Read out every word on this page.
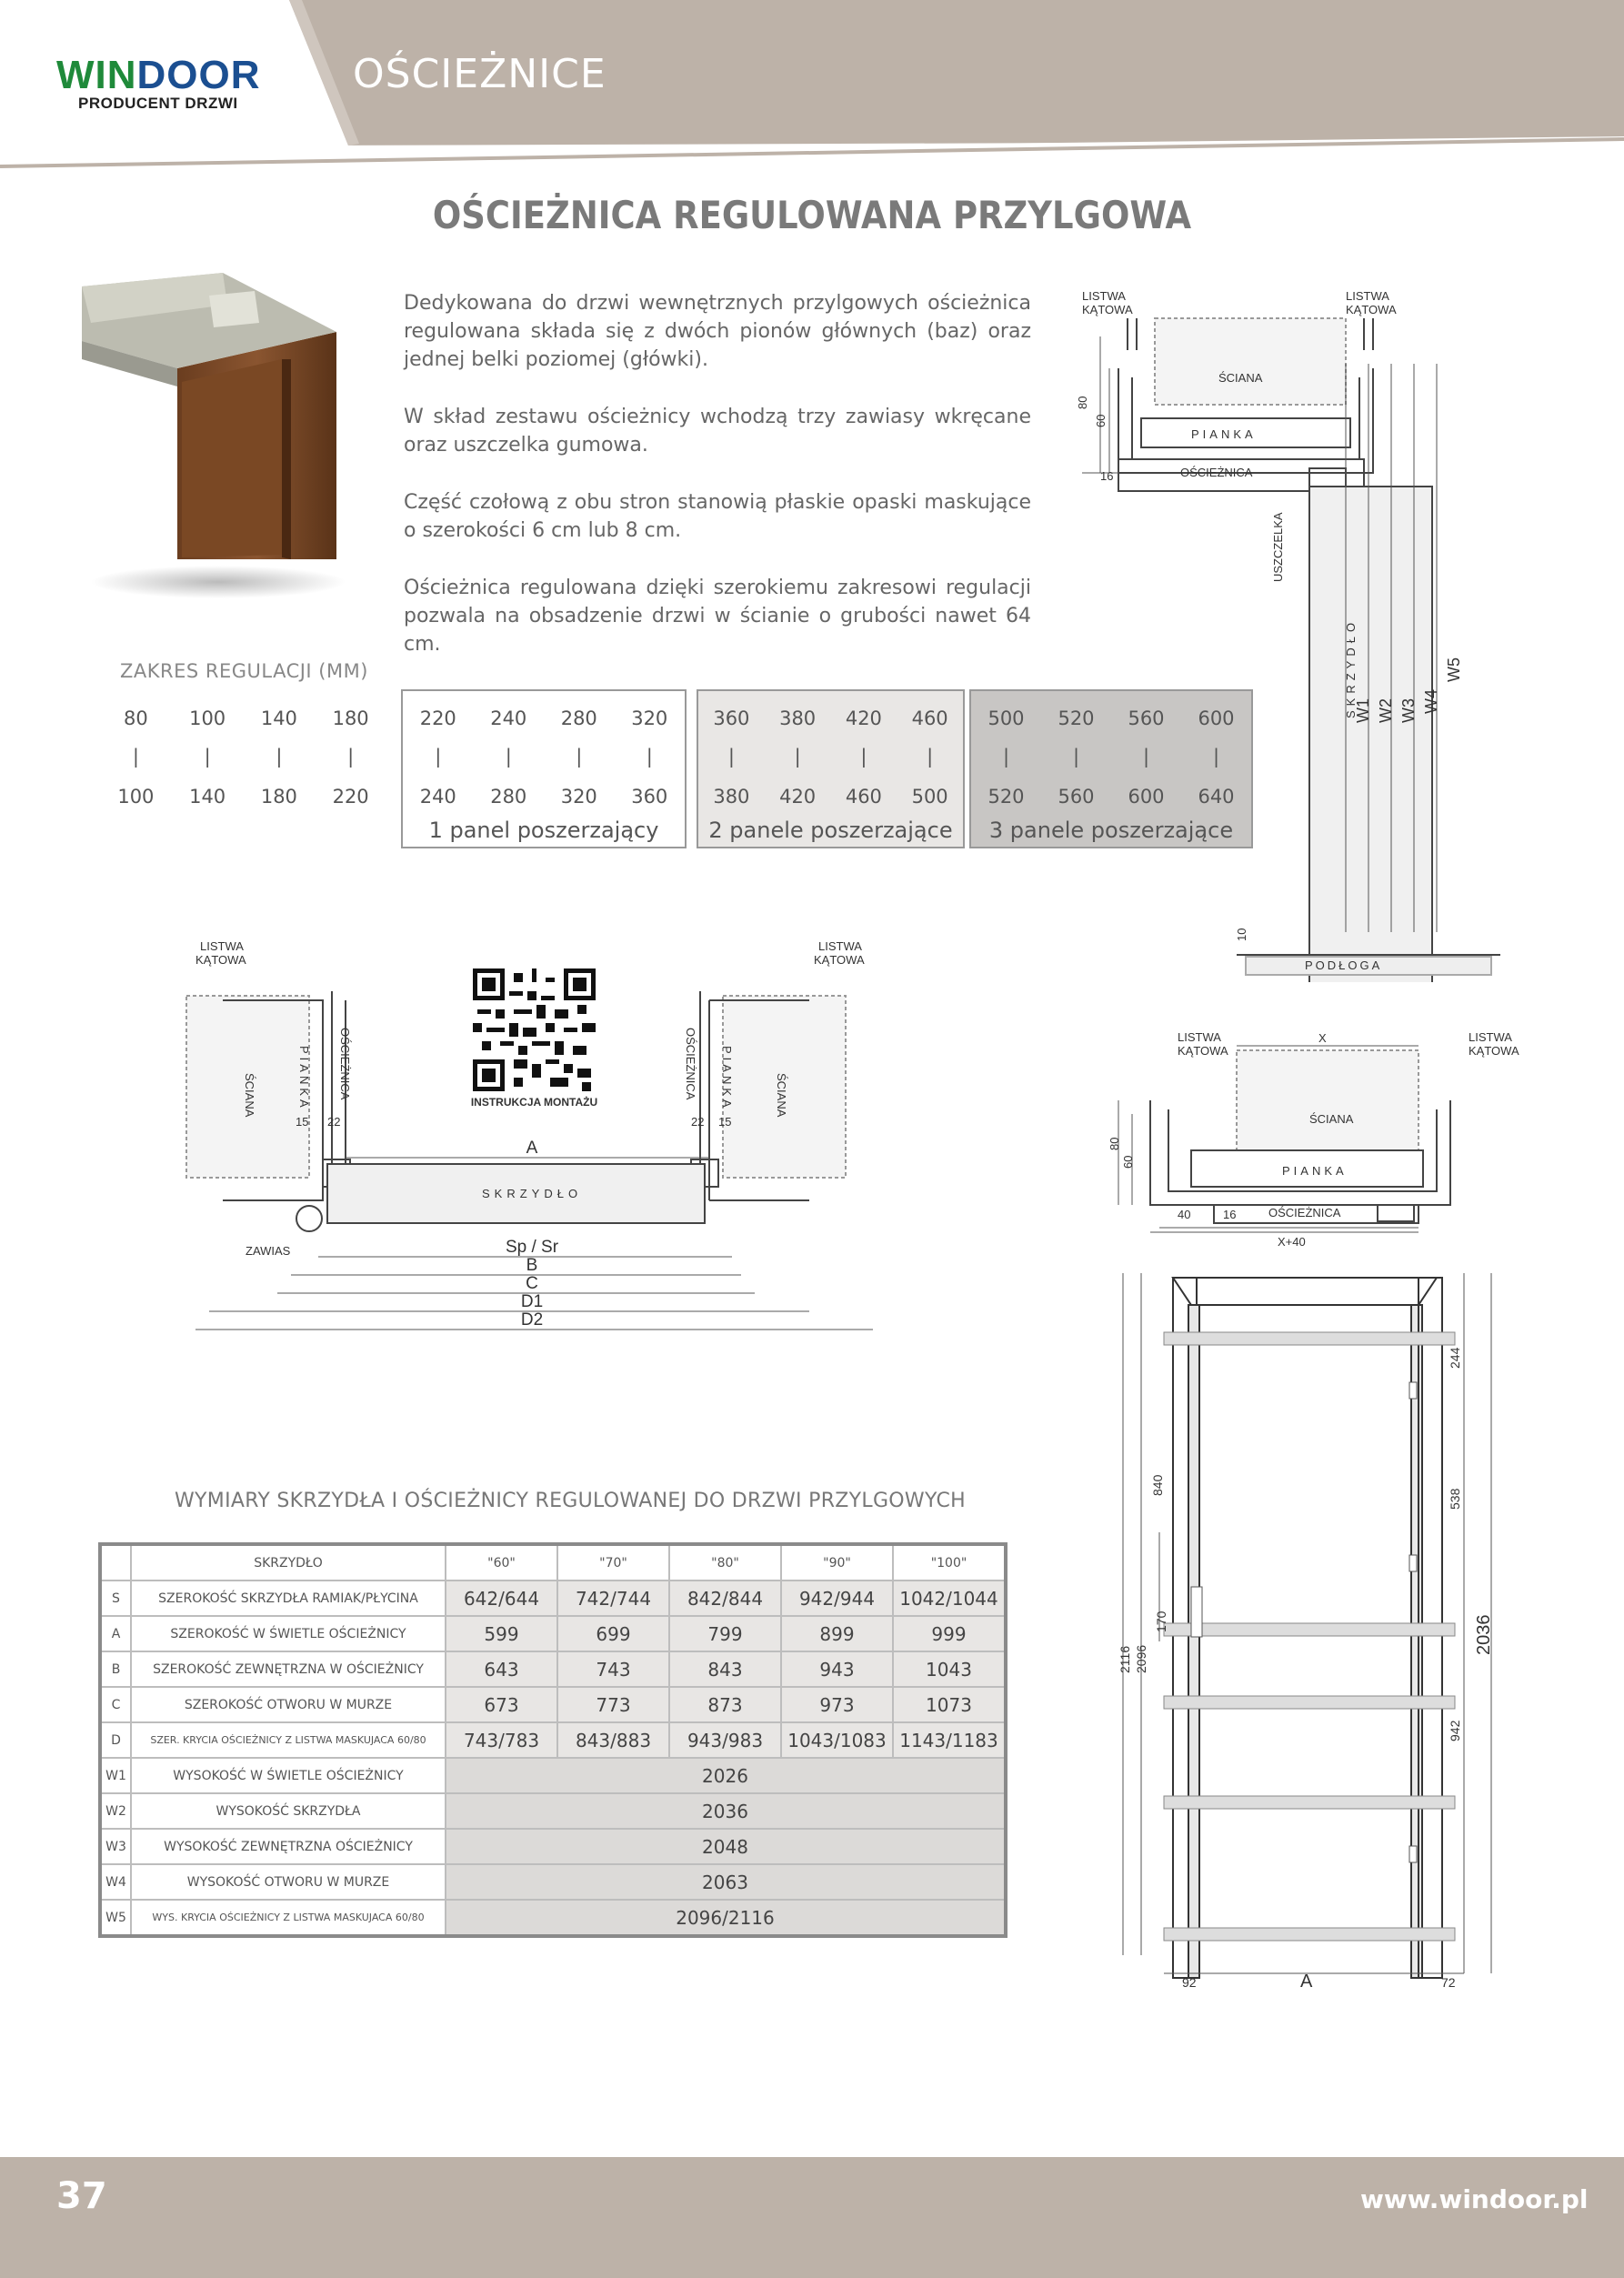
WINDOOR
PRODUCENT DRZWI
OŚCIEŻNICE
OŚCIEŻNICA REGULOWANA PRZYLGOWA

Dedykowana do drzwi wewnętrznych przylgowych ościeżnica regulowana składa się z dwóch pionów głównych (baz) oraz jednej belki poziomej (główki).

W skład zestawu ościeżnicy wchodzą trzy zawiasy wkręcane oraz uszczelka gumowa.

Część czołową z obu stron stanowią płaskie opaski maskujące o szerokości 6 cm lub 8 cm.

Ościeżnica regulowana dzięki szerokiemu zakresowi regulacji pozwala na obsadzenie drzwi w ścianie o grubości nawet 64 cm.

ZAKRES REGULACJI (MM)
80	100	140	180
|	|	|	|
100	140	180	220
220	240	280	320
|	|	|	|
240	280	320	360
1 panel poszerzający
360	380	420	460
|	|	|	|
380	420	460	500
2 panele poszerzające
500	520	560	600
|	|	|	|
520	560	600	640
3 panele poszerzające
LISTWA
KĄTOWA
LISTWA
KĄTOWA
ŚCIANA
PIANKA
OŚCIEŻNICA
16
80
60
USZCZELKA
SKRZYDŁO
PODŁOGA
10
W1 W2 W3 W4
W5
LISTWA
KĄTOWA
LISTWA
KĄTOWA
ŚCIANA	PIANKA OŚCIEŻNICA	ŚCIANA
PIANKA
OŚCIEŻNICA
SKRZYDŁO
ZAWIAS
15 22	22 15
A
Sp / Sr
B
C
D1
D2
INSTRUKCJA MONTAŻU
LISTWA
KĄTOWA
LISTWA
KĄTOWA
ŚCIANA
PIANKA
OŚCIEŻNICA
40	16
80
60
X
X+40
2116 2096
170
840
244
538
942
92	72
2036
A
WYMIARY SKRZYDŁA I OŚCIEŻNICY REGULOWANEJ DO DRZWI PRZYLGOWYCH
	SKRZYDŁO	"60"	"70"	"80"	"90"	"100"
S	SZEROKOŚĆ SKRZYDŁA RAMIAK/PŁYCINA	642/644	742/744	842/844	942/944	1042/1044
A	SZEROKOŚĆ W ŚWIETLE OŚCIEŻNICY	599	699	799	899	999
B	SZEROKOŚĆ ZEWNĘTRZNA W OŚCIEŻNICY	643	743	843	943	1043
C	SZEROKOŚĆ OTWORU W MURZE	673	773	873	973	1073
D	SZER. KRYCIA OŚCIEŻNICY Z LISTWA MASKUJACA 60/80	743/783	843/883	943/983	1043/1083	1143/1183
W1	WYSOKOŚĆ W ŚWIETLE OŚCIEŻNICY	2026				
W2	WYSOKOŚĆ SKRZYDŁA	2036				
W3	WYSOKOŚĆ ZEWNĘTRZNA OŚCIEŻNICY	2048				
W4	WYSOKOŚĆ OTWORU W MURZE	2063				
W5	WYS. KRYCIA OŚCIEŻNICY Z LISTWA MASKUJACA 60/80	2096/2116				
37	www.windoor.pl
